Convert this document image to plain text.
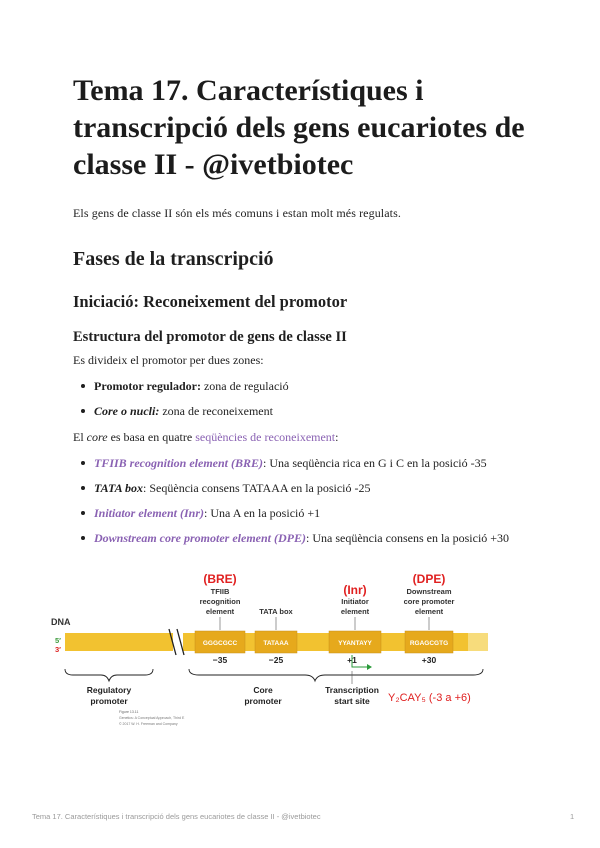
Tema 17. Característiques i transcripció dels gens eucariotes de classe II - @ivetbiotec

Els gens de classe II són els més comuns i estan molt més regulats.

Fases de la transcripció
Iniciació: Reconeixement del promotor
Estructura del promotor de gens de classe II

Es divideix el promotor per dues zones:

Promotor regulador: zona de regulació

Core o nucli: zona de reconeixement

El core es basa en quatre seqüències de reconeixement:

TFIIB recognition element (BRE): Una seqüència rica en G i C en la posició -35

TATA box: Seqüència consens TATAAA en la posició -25

Initiator element (Inr): Una A en la posició +1

Downstream core promoter element (DPE): Una seqüència consens en la posició +30

DNA
5′
3′
GGGCGCC	TATAAA	YYANTAYY	RGAGCGTG
(BRE)
(Inr)
(DPE)
TFIIB
recognition
element	TATA box
Initiator
element
Downstream
core promoter
element
−35	−25	+1	+30
Regulatory
promoter
Core
promoter
Transcription
start site Y₂CAY₅ (-3 a +6)
Figure 13.11
Genetics: A Conceptual Approach, Third E
© 2017 W. H. Freeman and Company
Tema 17. Característiques i transcripció dels gens eucariotes de classe II - @ivetbiotec	1
